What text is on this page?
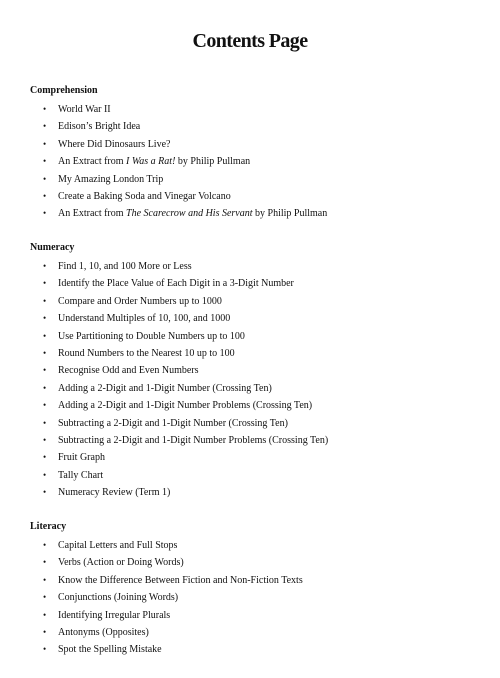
Contents Page
Comprehension
• World War II
• Edison’s Bright Idea
• Where Did Dinosaurs Live?
• An Extract from I Was a Rat! by Philip Pullman
• My Amazing London Trip
• Create a Baking Soda and Vinegar Volcano
• An Extract from The Scarecrow and His Servant by Philip Pullman
Numeracy
• Find 1, 10, and 100 More or Less
• Identify the Place Value of Each Digit in a 3-Digit Number
• Compare and Order Numbers up to 1000
• Understand Multiples of 10, 100, and 1000
• Use Partitioning to Double Numbers up to 100
• Round Numbers to the Nearest 10 up to 100
• Recognise Odd and Even Numbers
• Adding a 2-Digit and 1-Digit Number (Crossing Ten)
• Adding a 2-Digit and 1-Digit Number Problems (Crossing Ten)
• Subtracting a 2-Digit and 1-Digit Number (Crossing Ten)
• Subtracting a 2-Digit and 1-Digit Number Problems (Crossing Ten)
• Fruit Graph
• Tally Chart
• Numeracy Review (Term 1)
Literacy
• Capital Letters and Full Stops
• Verbs (Action or Doing Words)
• Know the Difference Between Fiction and Non-Fiction Texts
• Conjunctions (Joining Words)
• Identifying Irregular Plurals
• Antonyms (Opposites)
• Spot the Spelling Mistake
